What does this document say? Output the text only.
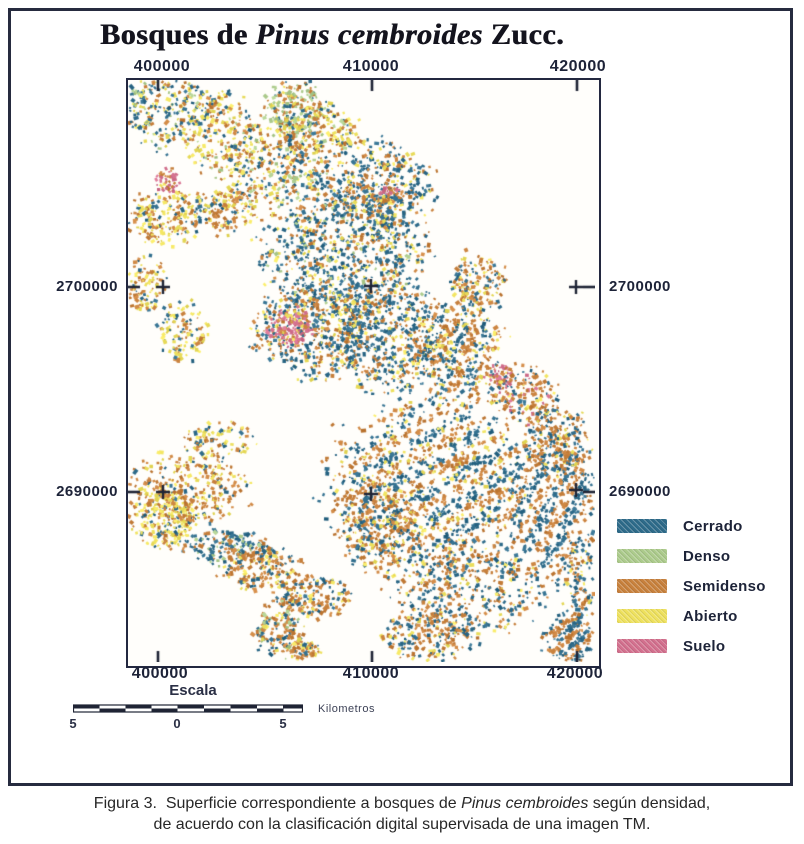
Bosques de Pinus cembroides Zucc.
400000	410000	420000
2700000
2690000
2700000
2690000
400000	410000	420000
Cerrado
Denso
Semidenso
Abierto
Suelo
Escala
5	0	5
Kilometros
Figura 3.  Superficie correspondiente a bosques de Pinus cembroides según densidad,
de acuerdo con la clasificación digital supervisada de una imagen TM.
